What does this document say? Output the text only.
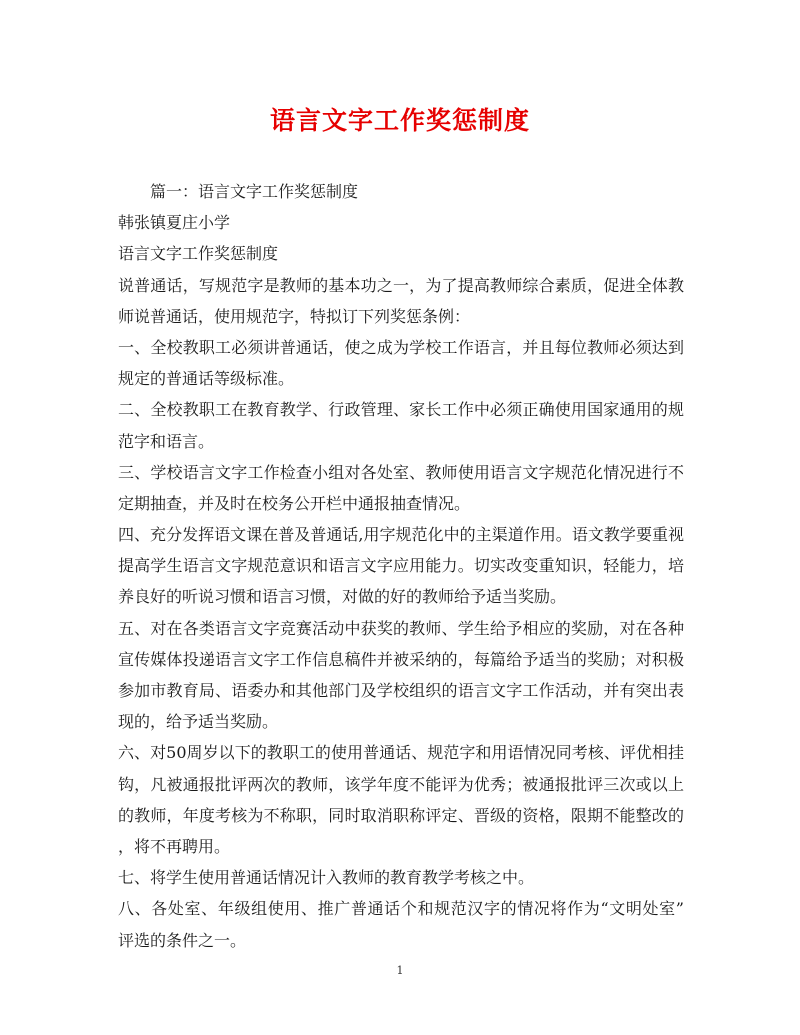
语言文字工作奖惩制度
篇一：语言文字工作奖惩制度
韩张镇夏庄小学
语言文字工作奖惩制度
说普通话，写规范字是教师的基本功之一，为了提高教师综合素质，促进全体教
师说普通话，使用规范字，特拟订下列奖惩条例：
一、全校教职工必须讲普通话，使之成为学校工作语言，并且每位教师必须达到
规定的普通话等级标准。
二、全校教职工在教育教学、行政管理、家长工作中必须正确使用国家通用的规
范字和语言。
三、学校语言文字工作检查小组对各处室、教师使用语言文字规范化情况进行不
定期抽查，并及时在校务公开栏中通报抽查情况。
四、充分发挥语文课在普及普通话,用字规范化中的主渠道作用。语文教学要重视
提高学生语言文字规范意识和语言文字应用能力。切实改变重知识，轻能力，培
养良好的听说习惯和语言习惯，对做的好的教师给予适当奖励。
五、对在各类语言文字竞赛活动中获奖的教师、学生给予相应的奖励，对在各种
宣传媒体投递语言文字工作信息稿件并被采纳的，每篇给予适当的奖励；对积极
参加市教育局、语委办和其他部门及学校组织的语言文字工作活动，并有突出表
现的，给予适当奖励。
六、对50周岁以下的教职工的使用普通话、规范字和用语情况同考核、评优相挂
钩，凡被通报批评两次的教师，该学年度不能评为优秀；被通报批评三次或以上
的教师，年度考核为不称职，同时取消职称评定、晋级的资格，限期不能整改的
，将不再聘用。
七、将学生使用普通话情况计入教师的教育教学考核之中。
八、各处室、年级组使用、推广普通话个和规范汉字的情况将作为“文明处室”
评选的条件之一。
1
